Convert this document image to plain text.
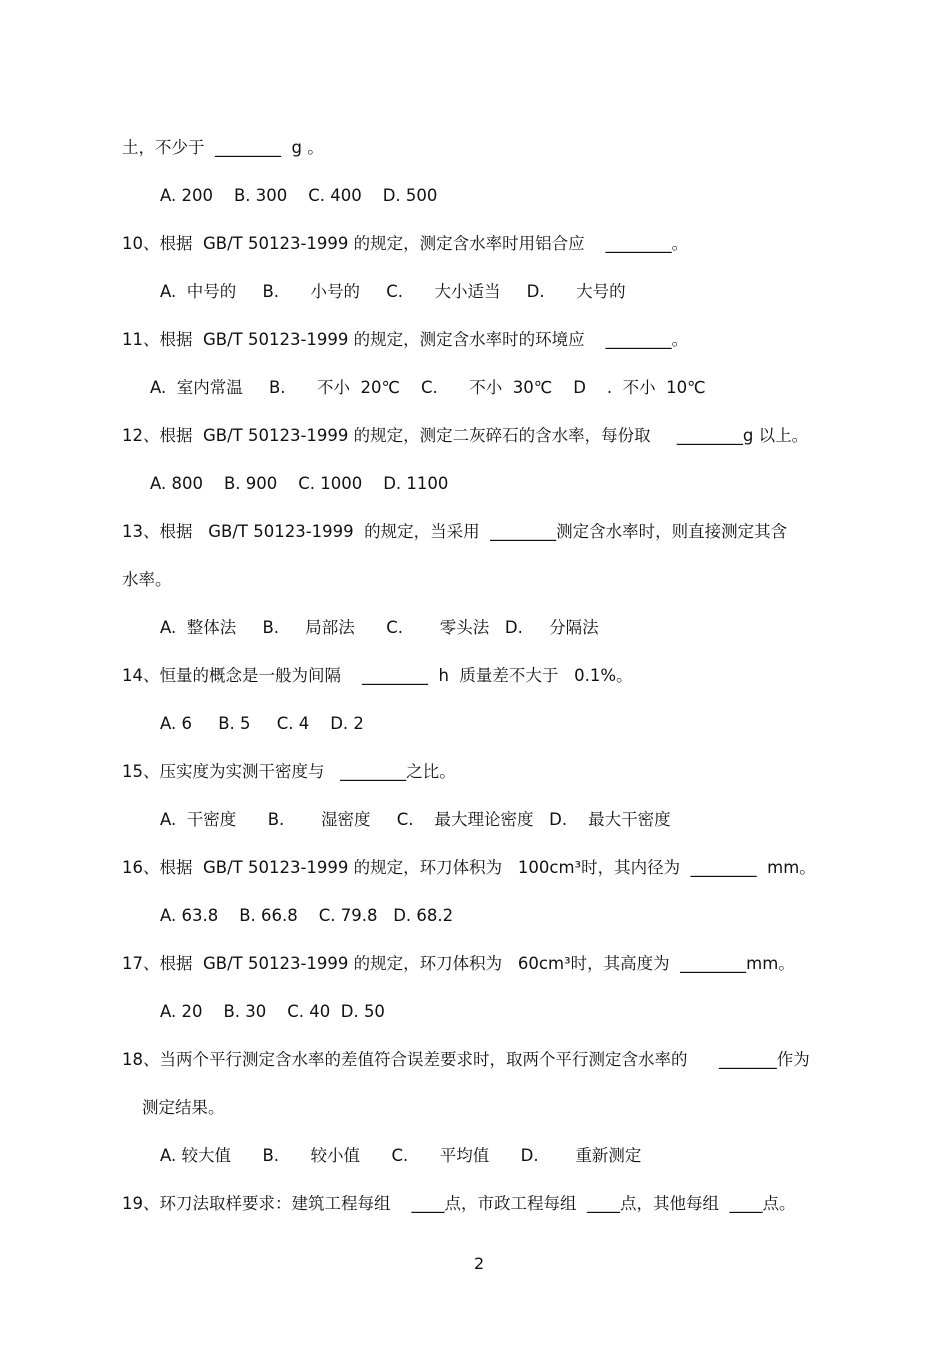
土，不少于  ________  g 。
A. 200    B. 300    C. 400    D. 500
10、根据  GB/T 50123-1999 的规定，测定含水率时用铝合应    ________。
A.  中号的     B.      小号的     C.      大小适当     D.      大号的
11、根据  GB/T 50123-1999 的规定，测定含水率时的环境应    ________。
A.  室内常温     B.      不小  20℃    C.      不小  30℃    D    .  不小  10℃
12、根据  GB/T 50123-1999 的规定，测定二灰碎石的含水率，每份取     ________g 以上。
A. 800    B. 900    C. 1000    D. 1100
13、根据   GB/T 50123-1999  的规定，当采用  ________测定含水率时，则直接测定其含
水率。
A.  整体法     B.     局部法      C.       零头法   D.     分隔法
14、恒量的概念是一般为间隔    ________  h  质量差不大于   0.1%。
A. 6     B. 5     C. 4    D. 2
15、压实度为实测干密度与   ________之比。
A.  干密度      B.       湿密度     C.    最大理论密度   D.    最大干密度
16、根据  GB/T 50123-1999 的规定，环刀体积为   100cm³时，其内径为  ________  mm。
A. 63.8    B. 66.8    C. 79.8   D. 68.2
17、根据  GB/T 50123-1999 的规定，环刀体积为   60cm³时，其高度为  ________mm。
A. 20    B. 30    C. 40  D. 50
18、当两个平行测定含水率的差值符合误差要求时，取两个平行测定含水率的      _______作为
测定结果。
A. 较大值      B.      较小值      C.      平均值      D.       重新测定
19、环刀法取样要求：建筑工程每组    ____点，市政工程每组  ____点，其他每组  ____点。
2
